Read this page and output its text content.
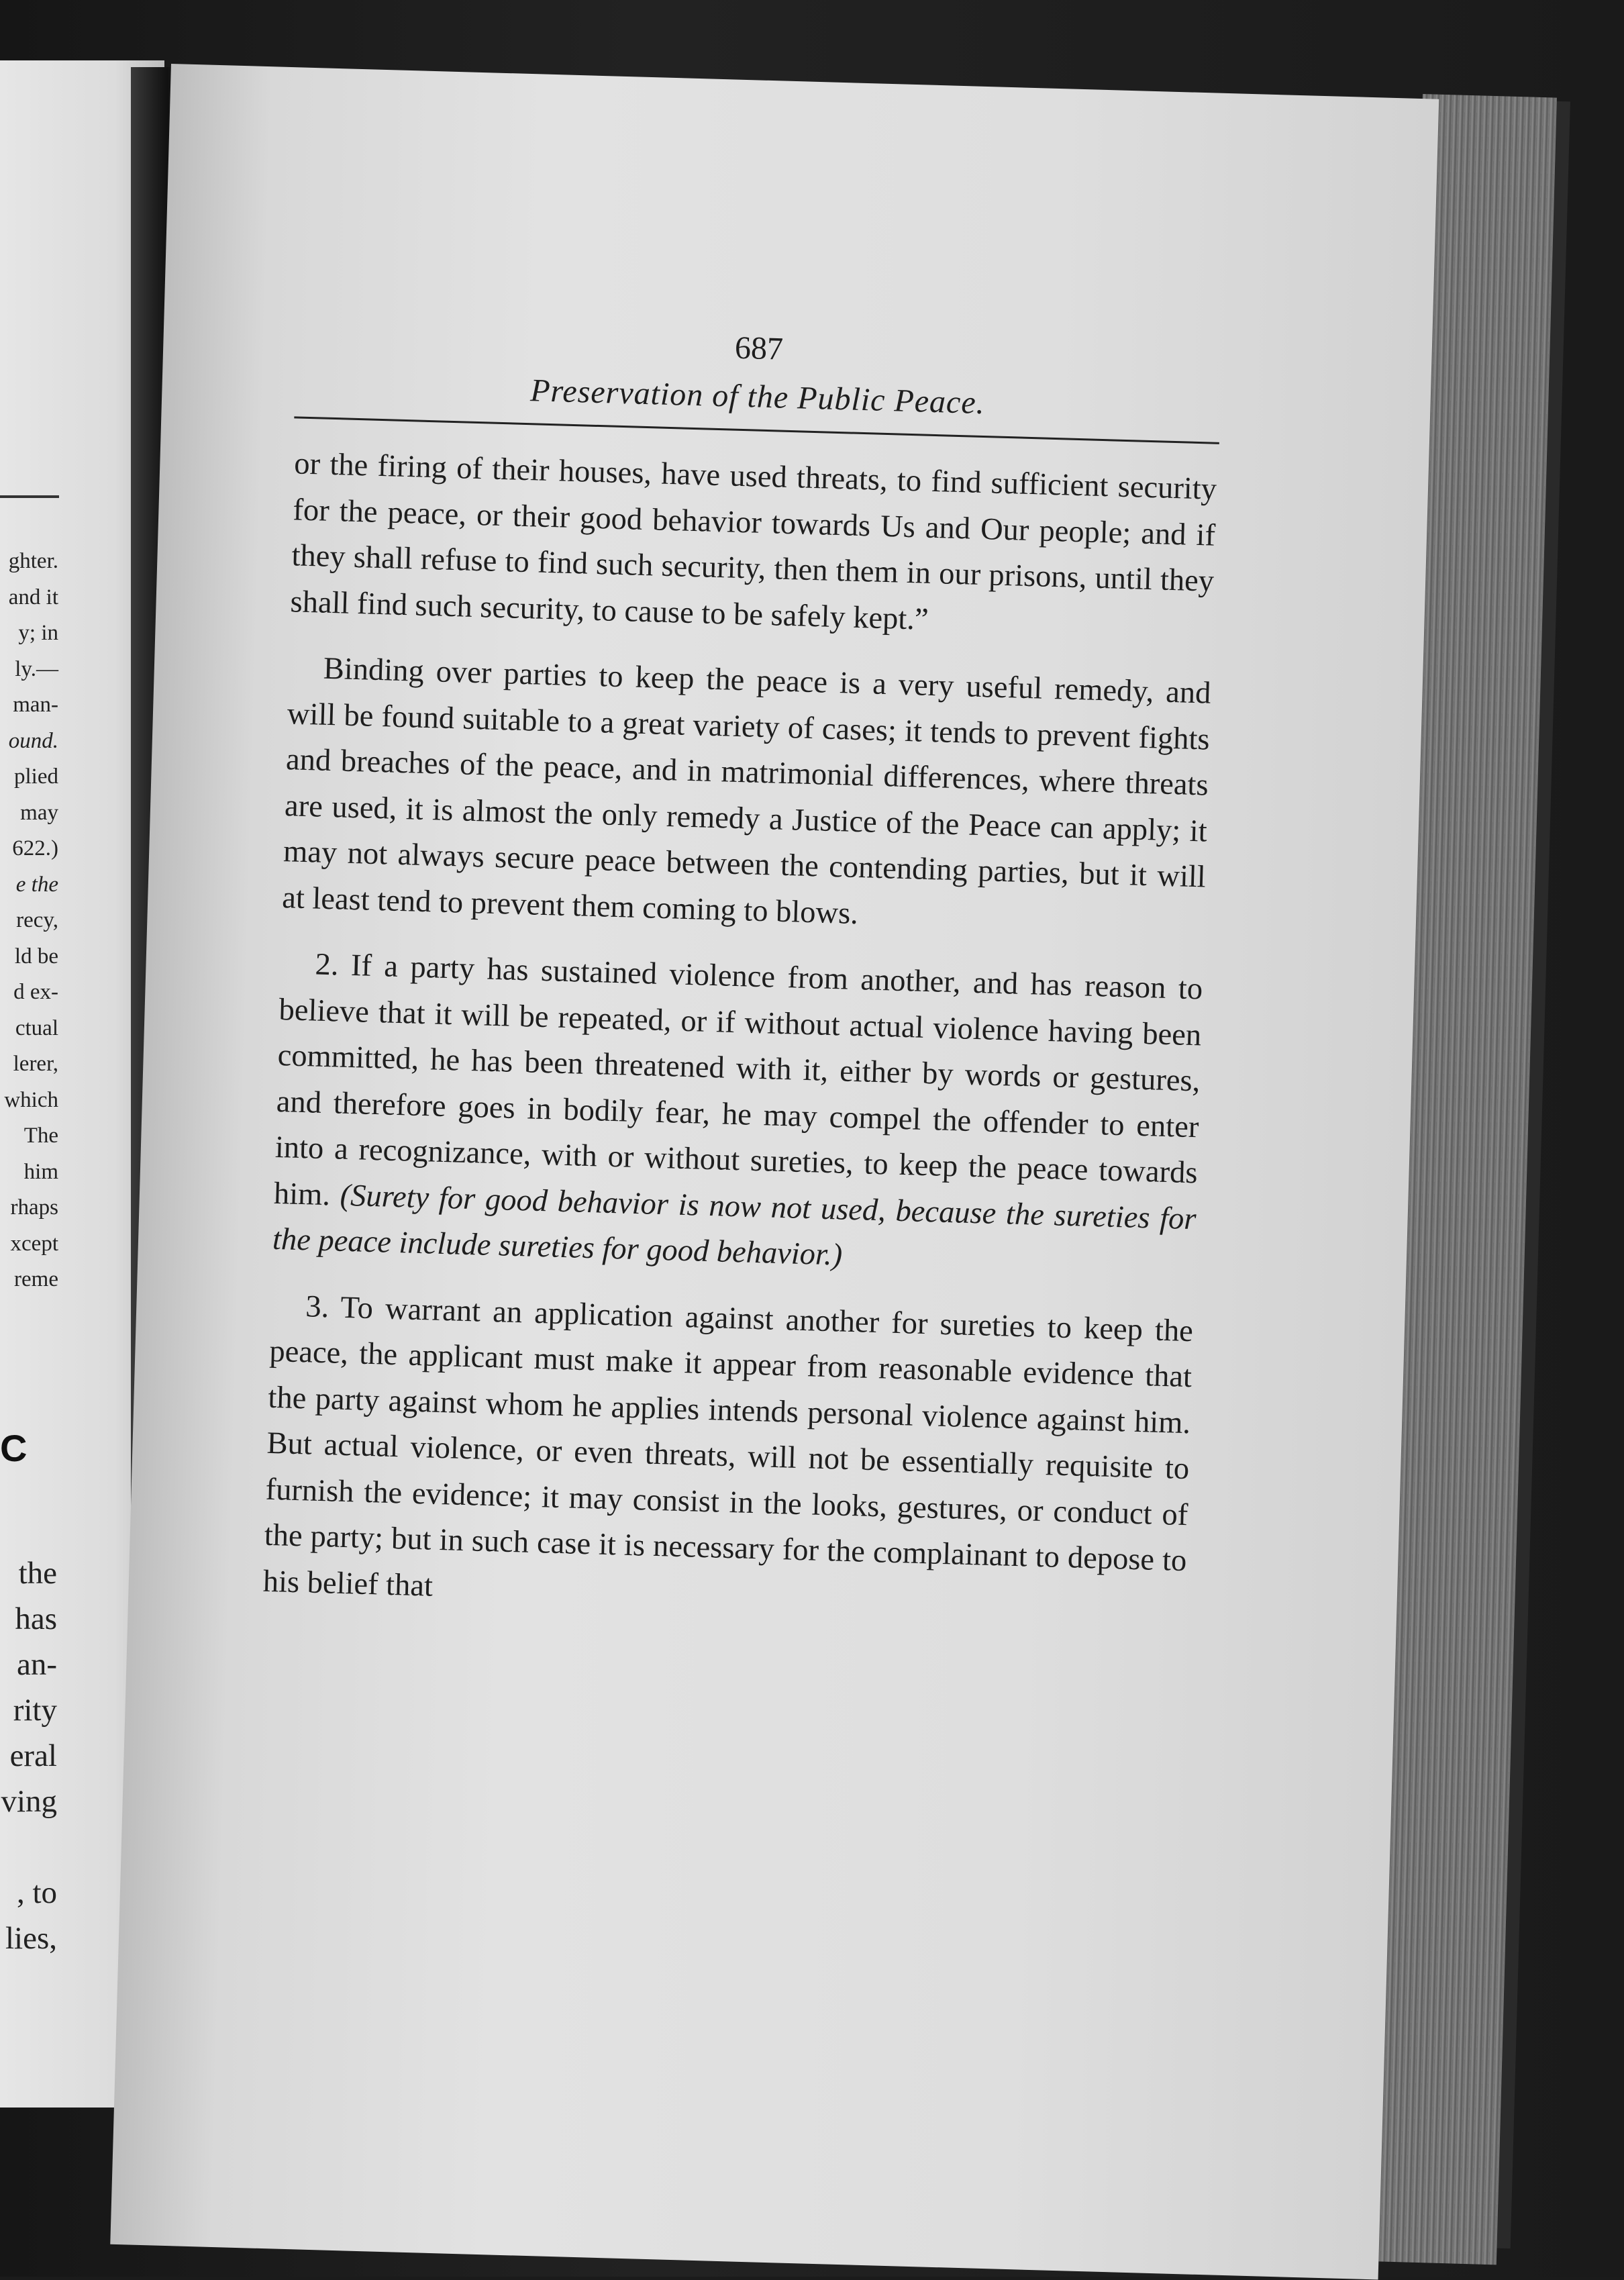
ghter.
and it
y; in
ly.—
man-
ound.
plied
may
622.)
e the
recy,
ld be
d ex-
ctual
lerer,
which
The
him
rhaps
xcept
reme
C
the
has
an-
rity
eral
ving

, to
lies,

687

Preservation of the Public Peace.

or the firing of their houses, have used threats, to find sufficient security for the peace, or their good behavior towards Us and Our people; and if they shall refuse to find such security, then them in our prisons, until they shall find such security, to cause to be safely kept.”

Binding over parties to keep the peace is a very useful remedy, and will be found suitable to a great variety of cases; it tends to prevent fights and breaches of the peace, and in matrimonial differences, where threats are used, it is almost the only remedy a Justice of the Peace can apply; it may not always secure peace between the contending parties, but it will at least tend to prevent them coming to blows.

2. If a party has sustained violence from another, and has reason to believe that it will be repeated, or if without actual violence having been committed, he has been threatened with it, either by words or gestures, and therefore goes in bodily fear, he may compel the offender to enter into a recognizance, with or without sureties, to keep the peace towards him. (Surety for good behavior is now not used, because the sureties for the peace include sureties for good behavior.)

3. To warrant an application against another for sureties to keep the peace, the applicant must make it appear from reasonable evidence that the party against whom he applies intends personal violence against him. But actual violence, or even threats, will not be essentially requisite to furnish the evidence; it may consist in the looks, gestures, or conduct of the party; but in such case it is necessary for the complainant to depose to his belief that
